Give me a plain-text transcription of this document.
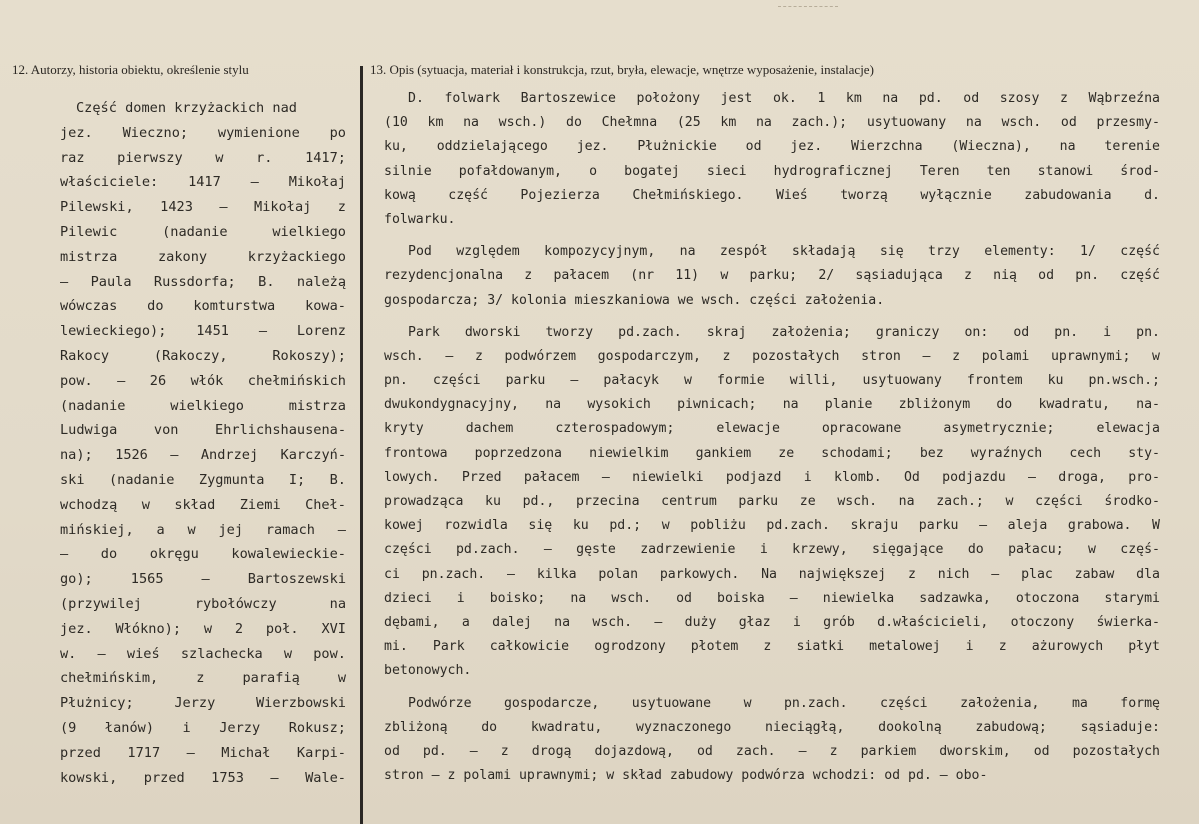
12. Autorzy, historia obiektu, określenie stylu	13. Opis (sytuacja, materiał i konstrukcja, rzut, bryła, elewacje, wnętrze wyposażenie, instalacje)
Część domen krzyżackich nad
jez. Wieczno; wymienione po
raz pierwszy w r. 1417;
właściciele: 1417 – Mikołaj
Pilewski, 1423 – Mikołaj z
Pilewic (nadanie wielkiego
mistrza zakony krzyżackiego
– Paula Russdorfa; B. należą
wówczas do komturstwa kowa-
lewieckiego); 1451 – Lorenz
Rakocy (Rakoczy, Rokoszy);
pow. – 26 włók chełmińskich
(nadanie wielkiego mistrza
Ludwiga von Ehrlichshausena-
na); 1526 – Andrzej Karczyń-
ski (nadanie Zygmunta I; B.
wchodzą w skład Ziemi Cheł-
mińskiej, a w jej ramach –
– do okręgu kowalewieckie-
go); 1565 – Bartoszewski
(przywilej rybołówczy na
jez. Włókno); w 2 poł. XVI
w. – wieś szlachecka w pow.
chełmińskim, z parafią w
Płużnicy; Jerzy Wierzbowski
(9 łanów) i Jerzy Rokusz;
przed 1717 – Michał Karpi-
kowski, przed 1753 – Wale-
D. folwark Bartoszewice położony jest ok. 1 km na pd. od szosy z Wąbrzeźna
(10 km na wsch.) do Chełmna (25 km na zach.); usytuowany na wsch. od przesmy-
ku, oddzielającego jez. Płużnickie od jez. Wierzchna (Wieczna), na terenie
silnie pofałdowanym, o bogatej sieci hydrograficznej Teren ten stanowi środ-
kową część Pojezierza Chełmińskiego. Wieś tworzą wyłącznie zabudowania d.
folwarku.
Pod względem kompozycyjnym, na zespół składają się trzy elementy: 1/ część
rezydencjonalna z pałacem (nr 11) w parku; 2/ sąsiadująca z nią od pn. część
gospodarcza; 3/ kolonia mieszkaniowa we wsch. części założenia.
Park dworski tworzy pd.zach. skraj założenia; graniczy on: od pn. i pn.
wsch. – z podwórzem gospodarczym, z pozostałych stron – z polami uprawnymi; w
pn. części parku – pałacyk w formie willi, usytuowany frontem ku pn.wsch.;
dwukondygnacyjny, na wysokich piwnicach; na planie zbliżonym do kwadratu, na-
kryty dachem czterospadowym; elewacje opracowane asymetrycznie; elewacja
frontowa poprzedzona niewielkim gankiem ze schodami; bez wyraźnych cech sty-
lowych. Przed pałacem – niewielki podjazd i klomb. Od podjazdu – droga, pro-
prowadząca ku pd., przecina centrum parku ze wsch. na zach.; w części środko-
kowej rozwidla się ku pd.; w pobliżu pd.zach. skraju parku – aleja grabowa. W
części pd.zach. – gęste zadrzewienie i krzewy, sięgające do pałacu; w częś-
ci pn.zach. – kilka polan parkowych. Na największej z nich – plac zabaw dla
dzieci i boisko; na wsch. od boiska – niewielka sadzawka, otoczona starymi
dębami, a dalej na wsch. – duży głaz i grób d.właścicieli, otoczony świerka-
mi. Park całkowicie ogrodzony płotem z siatki metalowej i z ażurowych płyt
betonowych.
Podwórze gospodarcze, usytuowane w pn.zach. części założenia, ma formę
zbliżoną do kwadratu, wyznaczonego nieciągłą, dookolną zabudową; sąsiaduje:
od pd. – z drogą dojazdową, od zach. – z parkiem dworskim, od pozostałych
stron – z polami uprawnymi; w skład zabudowy podwórza wchodzi: od pd. – obo-
